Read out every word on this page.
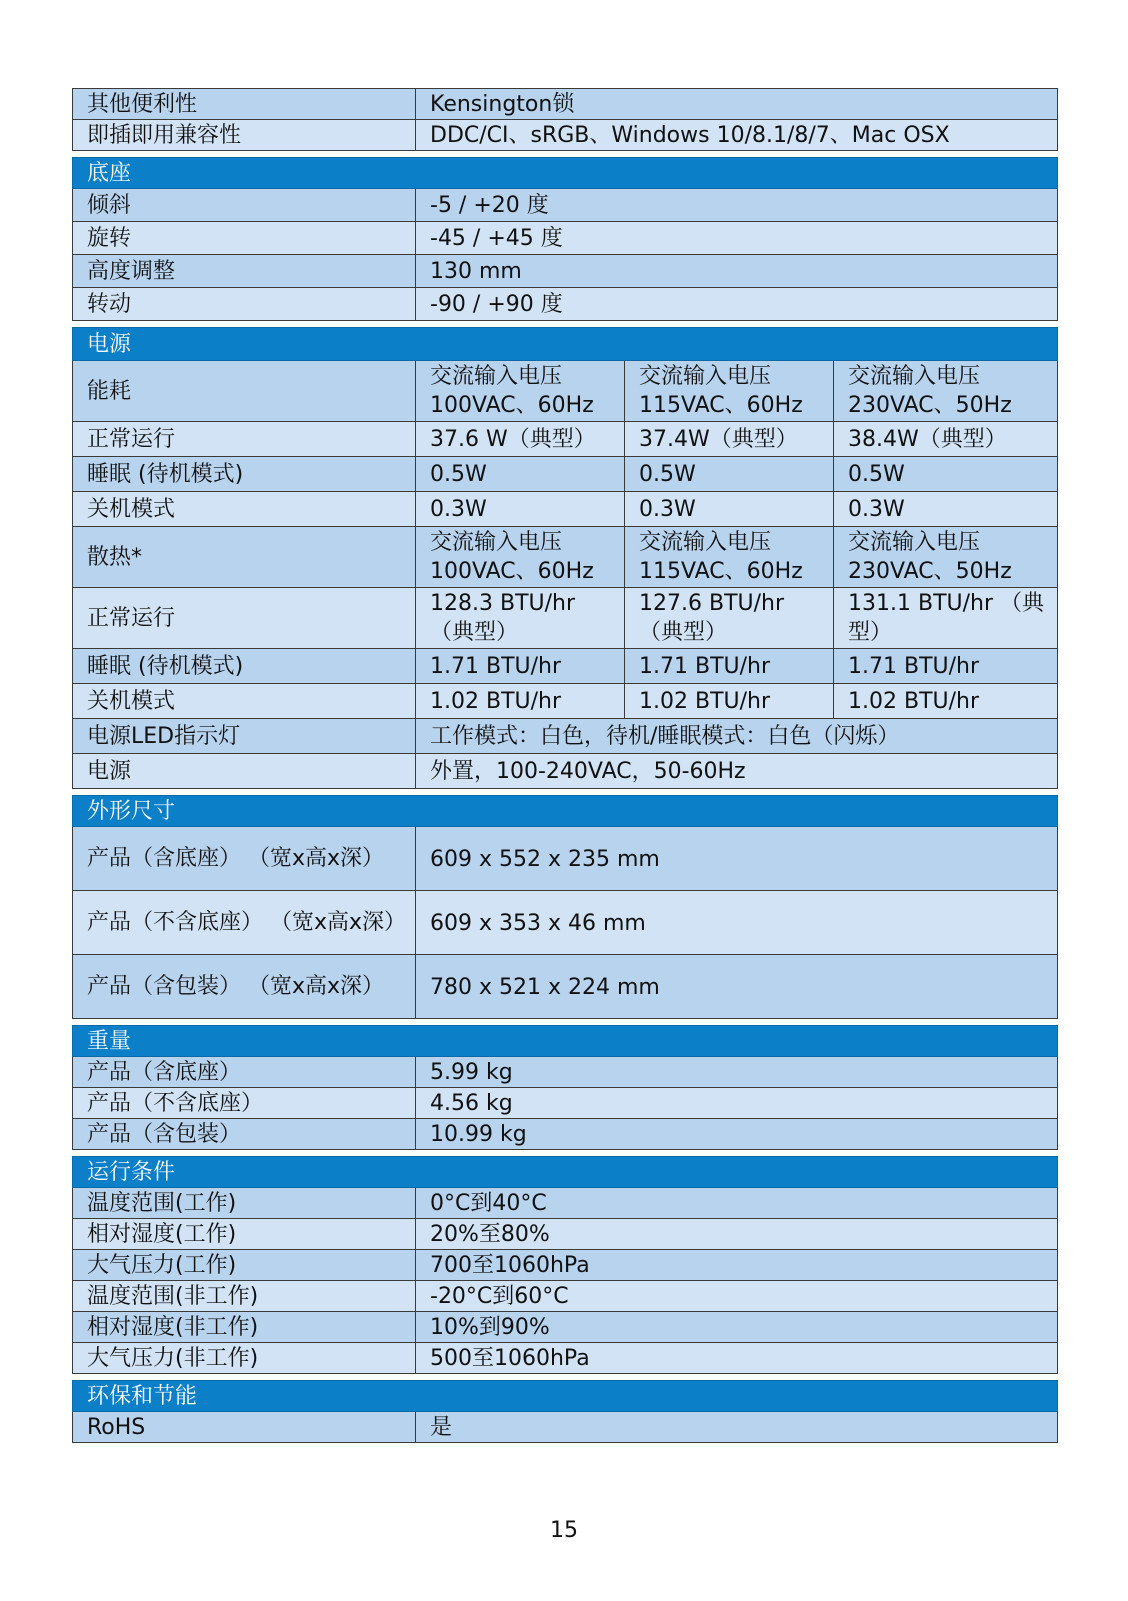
其他便利性	Kensington锁
即插即用兼容性	DDC/CI、sRGB、Windows 10/8.1/8/7、Mac OSX
底座	
倾斜	-5 / +20 度
旋转	-45 / +45 度
高度调整	130 mm
转动	-90 / +90 度
电源			
能耗	交流输入电压 100VAC、60Hz	交流输入电压 115VAC、60Hz	交流输入电压 230VAC、50Hz
正常运行	37.6 W（典型）	37.4W（典型）	38.4W（典型）
睡眠 (待机模式)	0.5W	0.5W	0.5W
关机模式	0.3W	0.3W	0.3W
散热*	交流输入电压 100VAC、60Hz	交流输入电压 115VAC、60Hz	交流输入电压 230VAC、50Hz
正常运行	128.3 BTU/hr （典型）	127.6 BTU/hr （典型）	131.1 BTU/hr （典型）
睡眠 (待机模式)	1.71 BTU/hr	1.71 BTU/hr	1.71 BTU/hr
关机模式	1.02 BTU/hr	1.02 BTU/hr	1.02 BTU/hr
电源LED指示灯	工作模式：白色，待机/睡眠模式：白色（闪烁）		
电源	外置，100-240VAC，50-60Hz		
外形尺寸	
产品（含底座） （宽x高x深）	609 x 552 x 235 mm
产品（不含底座） （宽x高x深）	609 x 353 x 46 mm
产品（含包装） （宽x高x深）	780 x 521 x 224 mm
重量	
产品（含底座）	5.99 kg
产品（不含底座）	4.56 kg
产品（含包装）	10.99 kg
运行条件	
温度范围(工作)	0°C到40°C
相对湿度(工作)	20%至80%
大气压力(工作)	700至1060hPa
温度范围(非工作)	-20°C到60°C
相对湿度(非工作)	10%到90%
大气压力(非工作)	500至1060hPa
环保和节能
RoHS	是
15
